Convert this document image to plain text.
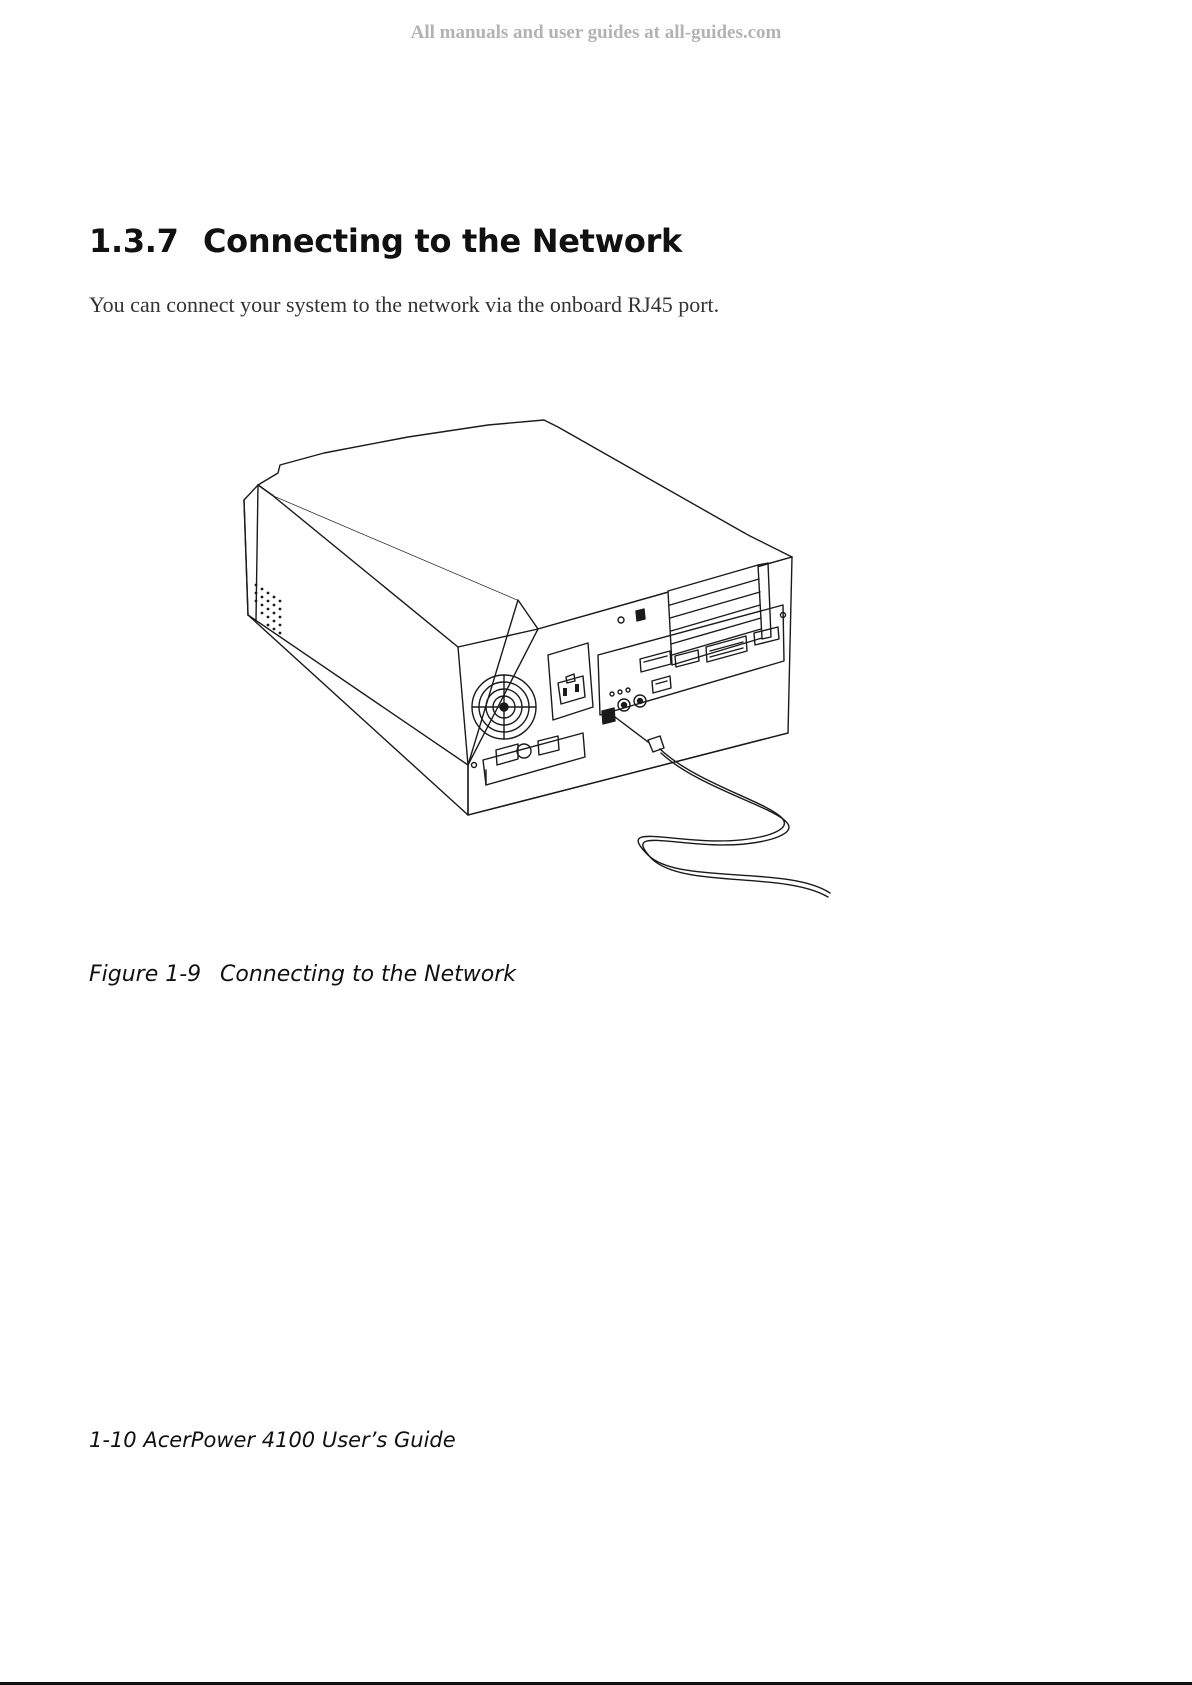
All manuals and user guides at all-guides.com
1.3.7 Connecting to the Network

You can connect your system to the network via the onboard RJ45 port.

Figure 1-9 Connecting to the Network

1-10 AcerPower 4100 User’s Guide
